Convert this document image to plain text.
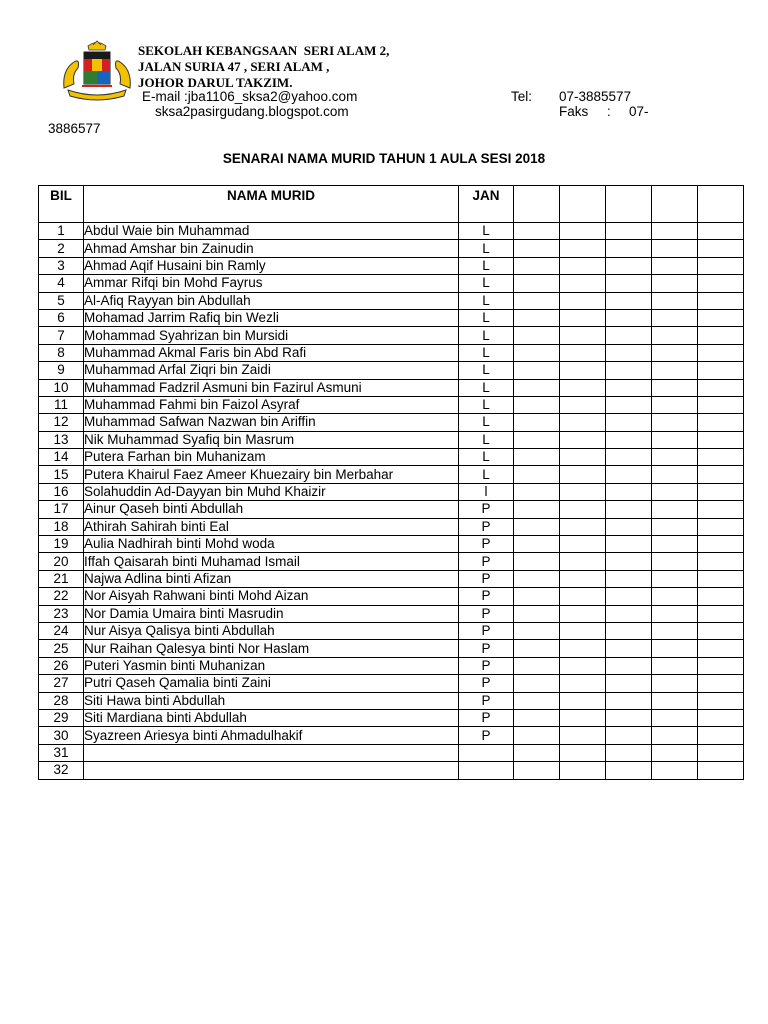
SEKOLAH KEBANGSAAN  SERI ALAM 2,
JALAN SURIA 47 , SERI ALAM ,
JOHOR DARUL TAKZIM.
E-mail :jba1106_sksa2@yahoo.com	Tel: 07-3885577
sksa2pasirgudang.blogspot.com	Faks : 07-
3886577
SENARAI NAMA MURID TAHUN 1 AULA SESI 2018
BIL	NAMA MURID	JAN					
1	Abdul Waie bin Muhammad	L					
2	Ahmad Amshar bin Zainudin	L					
3	Ahmad Aqif Husaini bin Ramly	L					
4	Ammar Rifqi bin Mohd Fayrus	L					
5	Al-Afiq Rayyan bin Abdullah	L					
6	Mohamad Jarrim Rafiq bin Wezli	L					
7	Mohammad Syahrizan bin Mursidi	L					
8	Muhammad Akmal Faris bin Abd Rafi	L					
9	Muhammad Arfal Ziqri bin Zaidi	L					
10	Muhammad Fadzril Asmuni bin Fazirul Asmuni	L					
11	Muhammad Fahmi bin Faizol Asyraf	L					
12	Muhammad Safwan Nazwan bin Ariffin	L					
13	Nik Muhammad Syafiq bin Masrum	L					
14	Putera Farhan bin Muhanizam	L					
15	Putera Khairul Faez Ameer Khuezairy bin Merbahar	L					
16	Solahuddin Ad-Dayyan bin Muhd Khaizir	l					
17	Ainur Qaseh binti Abdullah	P					
18	Athirah Sahirah binti Eal	P					
19	Aulia Nadhirah binti Mohd woda	P					
20	Iffah Qaisarah binti Muhamad Ismail	P					
21	Najwa Adlina binti Afizan	P					
22	Nor Aisyah Rahwani binti Mohd Aizan	P					
23	Nor Damia Umaira binti Masrudin	P					
24	Nur Aisya Qalisya binti Abdullah	P					
25	Nur Raihan Qalesya binti Nor Haslam	P					
26	Puteri Yasmin binti Muhanizan	P					
27	Putri Qaseh Qamalia binti Zaini	P					
28	Siti Hawa binti Abdullah	P					
29	Siti Mardiana binti Abdullah	P					
30	Syazreen Ariesya binti Ahmadulhakif	P					
31							
32							
